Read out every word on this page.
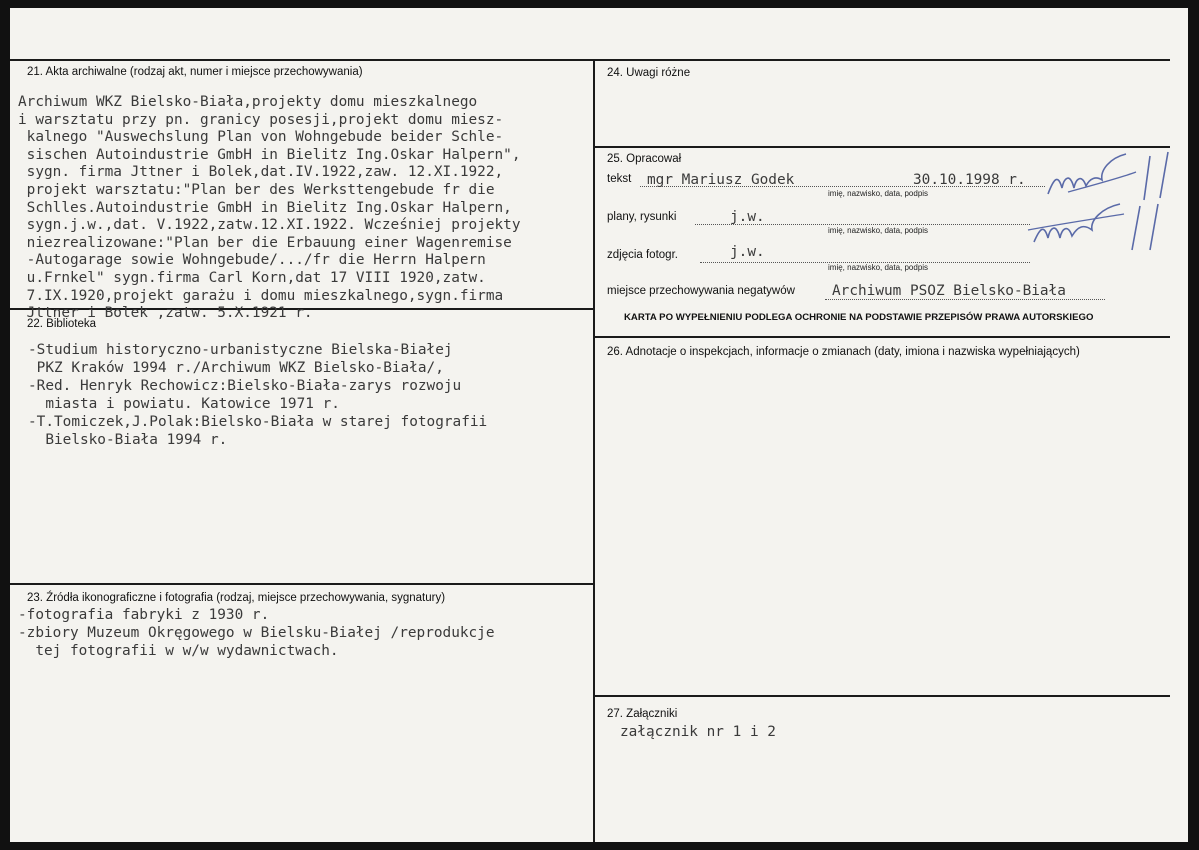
21. Akta archiwalne (rodzaj akt, numer i miejsce przechowywania)
Archiwum WKZ Bielsko-Biała,projekty domu mieszkalnego
i warsztatu przy pn. granicy posesji,projekt domu miesz-
kalnego "Auswechslung Plan von Wohngebude beider Schle-
sischen Autoindustrie GmbH in Bielitz Ing.Oskar Halpern",
sygn. firma Jttner i Bolek,dat.IV.1922,zaw. 12.XI.1922,
projekt warsztatu:"Plan ber des Werksttengebude fr die
Schlles.Autoindustrie GmbH in Bielitz Ing.Oskar Halpern,
sygn.j.w.,dat. V.1922,zatw.12.XI.1922. Wcześniej projekty
niezrealizowane:"Plan ber die Erbauung einer Wagenremise
-Autogarage sowie Wohngebude/.../fr die Herrn Halpern
u.Frnkel" sygn.firma Carl Korn,dat 17 VIII 1920,zatw.
7.IX.1920,projekt garażu i domu mieszkalnego,sygn.firma
Jttner i Bolek ,zatw. 5.X.1921 r.
22. Biblioteka
-Studium historyczno-urbanistyczne Bielska-Białej
PKZ Kraków 1994 r./Archiwum WKZ Bielsko-Biała/,
-Red. Henryk Rechowicz:Bielsko-Biała-zarys rozwoju
miasta i powiatu. Katowice 1971 r.
-T.Tomiczek,J.Polak:Bielsko-Biała w starej fotografii
Bielsko-Biała 1994 r.
23. Źródła ikonograficzne i fotografia (rodzaj, miejsce przechowywania, sygnatury)
-fotografia fabryki z 1930 r.
-zbiory Muzeum Okręgowego w Bielsku-Białej /reprodukcje
tej fotografii w w/w wydawnictwach.
24. Uwagi różne
25. Opracował
tekst mgr Mariusz Godek	30.10.1998 r.
imię, nazwisko, data, podpis
plany, rysunki	j.w.
imię, nazwisko, data, podpis
zdjęcia fotogr.	j.w.
imię, nazwisko, data, podpis
miejsce przechowywania negatywów	Archiwum PSOZ Bielsko-Biała
KARTA PO WYPEŁNIENIU PODLEGA OCHRONIE NA PODSTAWIE PRZEPISÓW PRAWA AUTORSKIEGO
26. Adnotacje o inspekcjach, informacje o zmianach (daty, imiona i nazwiska wypełniających)
27. Załączniki
załącznik nr 1 i 2
